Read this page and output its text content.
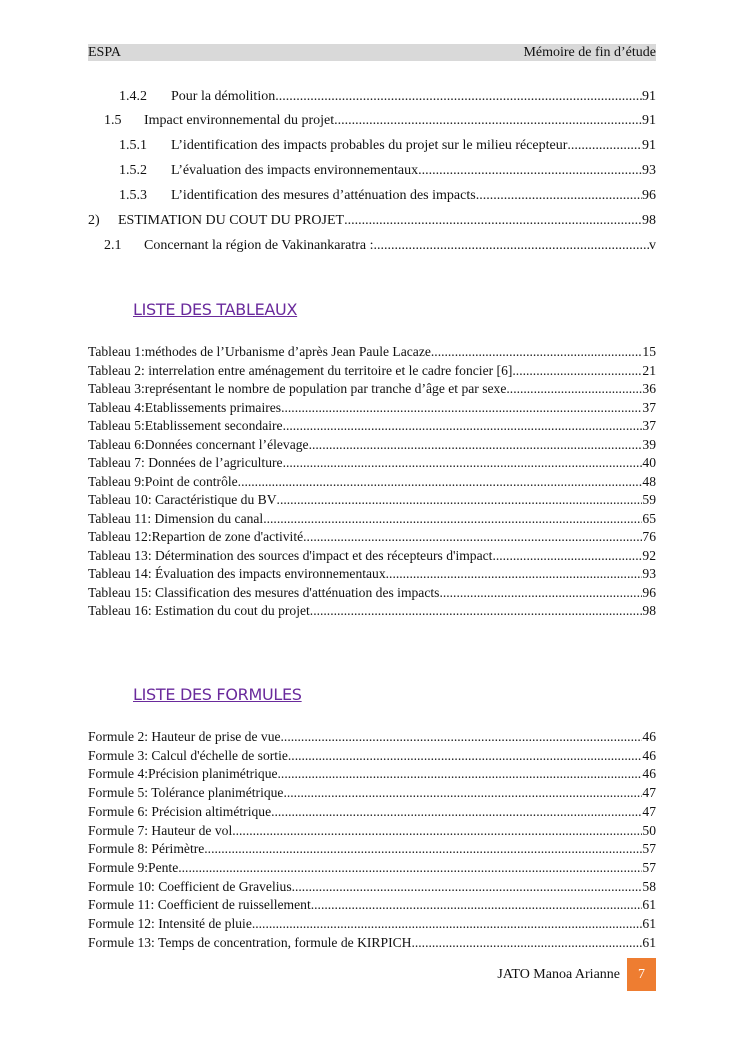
ESPA	Mémoire de fin d’étude
1.4.2	Pour la démolition .....	91
1.5	Impact environnemental du projet .....	91
1.5.1	L’identification des impacts probables du projet sur le milieu récepteur .....	91
1.5.2	L’évaluation des impacts environnementaux .....	93
1.5.3	L’identification des mesures d’atténuation des impacts .....	96
2)	ESTIMATION DU COUT DU PROJET .....	98
2.1	Concernant la région de Vakinankaratra : .....	v
LISTE DES TABLEAUX
Tableau 1:méthodes de l’Urbanisme d’après Jean Paule Lacaze .....	15
Tableau 2: interrelation entre aménagement du territoire et le cadre foncier [6] .....	21
Tableau 3:représentant le nombre de population par tranche d’âge et par sexe .....	36
Tableau 4:Etablissements primaires .....	37
Tableau 5:Etablissement secondaire .....	37
Tableau 6:Données concernant l’élevage .....	39
Tableau 7: Données de l’agriculture .....	40
Tableau 9:Point de contrôle .....	48
Tableau 10: Caractéristique du BV .....	59
Tableau 11: Dimension du canal .....	65
Tableau 12:Repartion de zone d'activité .....	76
Tableau 13: Détermination des sources d'impact et des récepteurs d'impact .....	92
Tableau 14: Évaluation des impacts environnementaux .....	93
Tableau 15: Classification des mesures d'atténuation des impacts .....	96
Tableau 16: Estimation du cout du projet .....	98
LISTE DES FORMULES
Formule 2: Hauteur de prise de vue .....	46
Formule 3: Calcul d'échelle de sortie .....	46
Formule 4:Précision planimétrique .....	46
Formule 5: Tolérance planimétrique .....	47
Formule 6: Précision altimétrique .....	47
Formule 7: Hauteur de vol .....	50
Formule 8: Périmètre .....	57
Formule 9:Pente .....	57
Formule 10: Coefficient de Gravelius .....	58
Formule 11: Coefficient de ruissellement .....	61
Formule 12: Intensité de pluie .....	61
Formule 13: Temps de concentration, formule de KIRPICH .....	61
JATO Manoa Arianne	7
